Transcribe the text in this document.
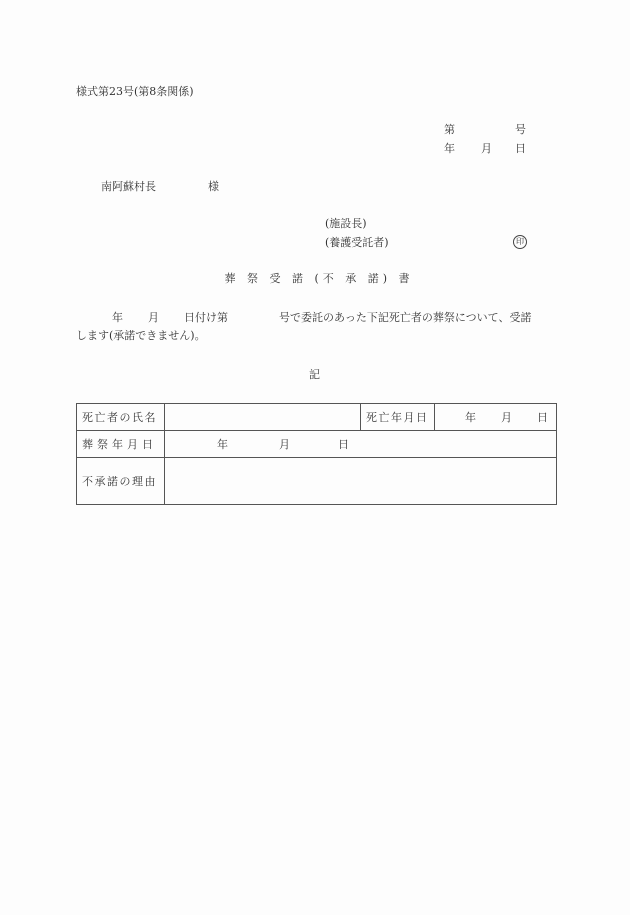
様式第23号(第8条関係)
第	号
年 月 日
南阿蘇村長	様
(施設長)
(養護受託者)	印
葬 祭 受 諾 (不 承 諾) 書
年 月 日付け第	号で委託のあった下記死亡者の葬祭について、受諾
します(承諾できません)。
記
死亡者の氏名		死亡年月日	年 月 日

葬祭年月日	年 月 日		

不承諾の理由			
